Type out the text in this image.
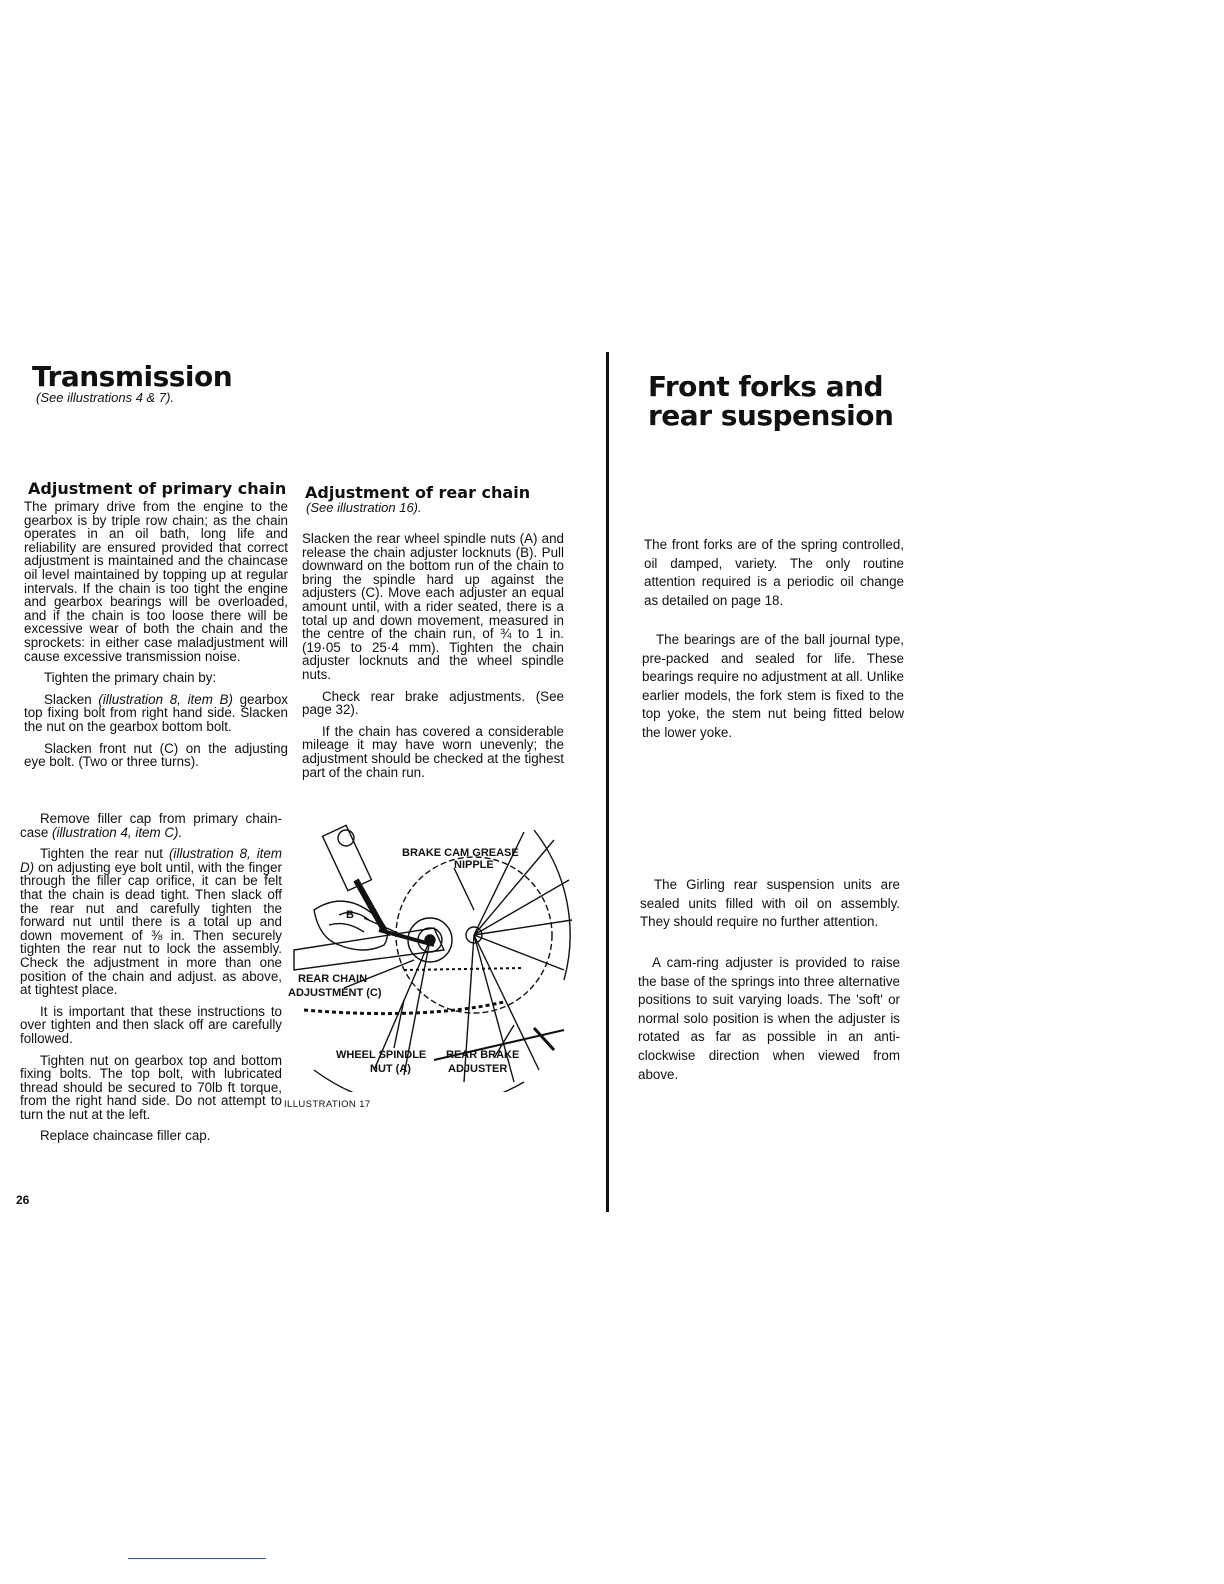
Transmission
(See illustrations 4 & 7).
Adjustment of primary chain

The primary drive from the engine to the gearbox is by triple row chain; as the chain operates in an oil bath, long life and reliability are ensured provided that correct adjustment is maintained and the chaincase oil level maintained by topping up at regular intervals. If the chain is too tight the engine and gearbox bearings will be overloaded, and if the chain is too loose there will be excessive wear of both the chain and the sprockets: in either case maladjustment will cause excessive transmission noise.

Tighten the primary chain by:

Slacken (illustration 8, item B) gearbox top fixing bolt from right hand side. Slacken the nut on the gearbox bottom bolt.

Slacken front nut (C) on the adjusting eye bolt. (Two or three turns).

Remove filler cap from primary chain-case (illustration 4, item C).

Tighten the rear nut (illustration 8, item D) on adjusting eye bolt until, with the finger through the filler cap orifice, it can be felt that the chain is dead tight. Then slack off the rear nut and carefully tighten the forward nut until there is a total up and down movement of ⅜ in. Then securely tighten the rear nut to lock the assembly. Check the adjustment in more than one position of the chain and adjust. as above, at tightest place.

It is important that these instructions to over tighten and then slack off are carefully followed.

Tighten nut on gearbox top and bottom fixing bolts. The top bolt, with lubricated thread should be secured to 70lb ft torque, from the right hand side. Do not attempt to turn the nut at the left.

Replace chaincase filler cap.

Adjustment of rear chain
(See illustration 16).

Slacken the rear wheel spindle nuts (A) and release the chain adjuster locknuts (B). Pull downward on the bottom run of the chain to bring the spindle hard up against the adjusters (C). Move each adjuster an equal amount until, with a rider seated, there is a total up and down movement, measured in the centre of the chain run, of ¾ to 1 in. (19·05 to 25·4 mm). Tighten the chain adjuster locknuts and the wheel spindle nuts.

Check rear brake adjustments. (See page 32).

If the chain has covered a considerable mileage it may have worn unevenly; the adjustment should be checked at the tighest part of the chain run.

BRAKE CAM GREASE
NIPPLE
B
REAR CHAIN
ADJUSTMENT (C)
WHEEL SPINDLE
NUT (A)
REAR BRAKE
ADJUSTER
ILLUSTRATION 17
26
Front forks and
rear suspension

The front forks are of the spring controlled, oil damped, variety. The only routine attention required is a periodic oil change as detailed on page 18.

The bearings are of the ball journal type, pre-packed and sealed for life. These bearings require no adjustment at all. Unlike earlier models, the fork stem is fixed to the top yoke, the stem nut being fitted below the lower yoke.

The Girling rear suspension units are sealed units filled with oil on assembly. They should require no further attention.

A cam-ring adjuster is provided to raise the base of the springs into three alternative positions to suit varying loads. The 'soft' or normal solo position is when the adjuster is rotated as far as possible in an anti-clockwise direction when viewed from above.
